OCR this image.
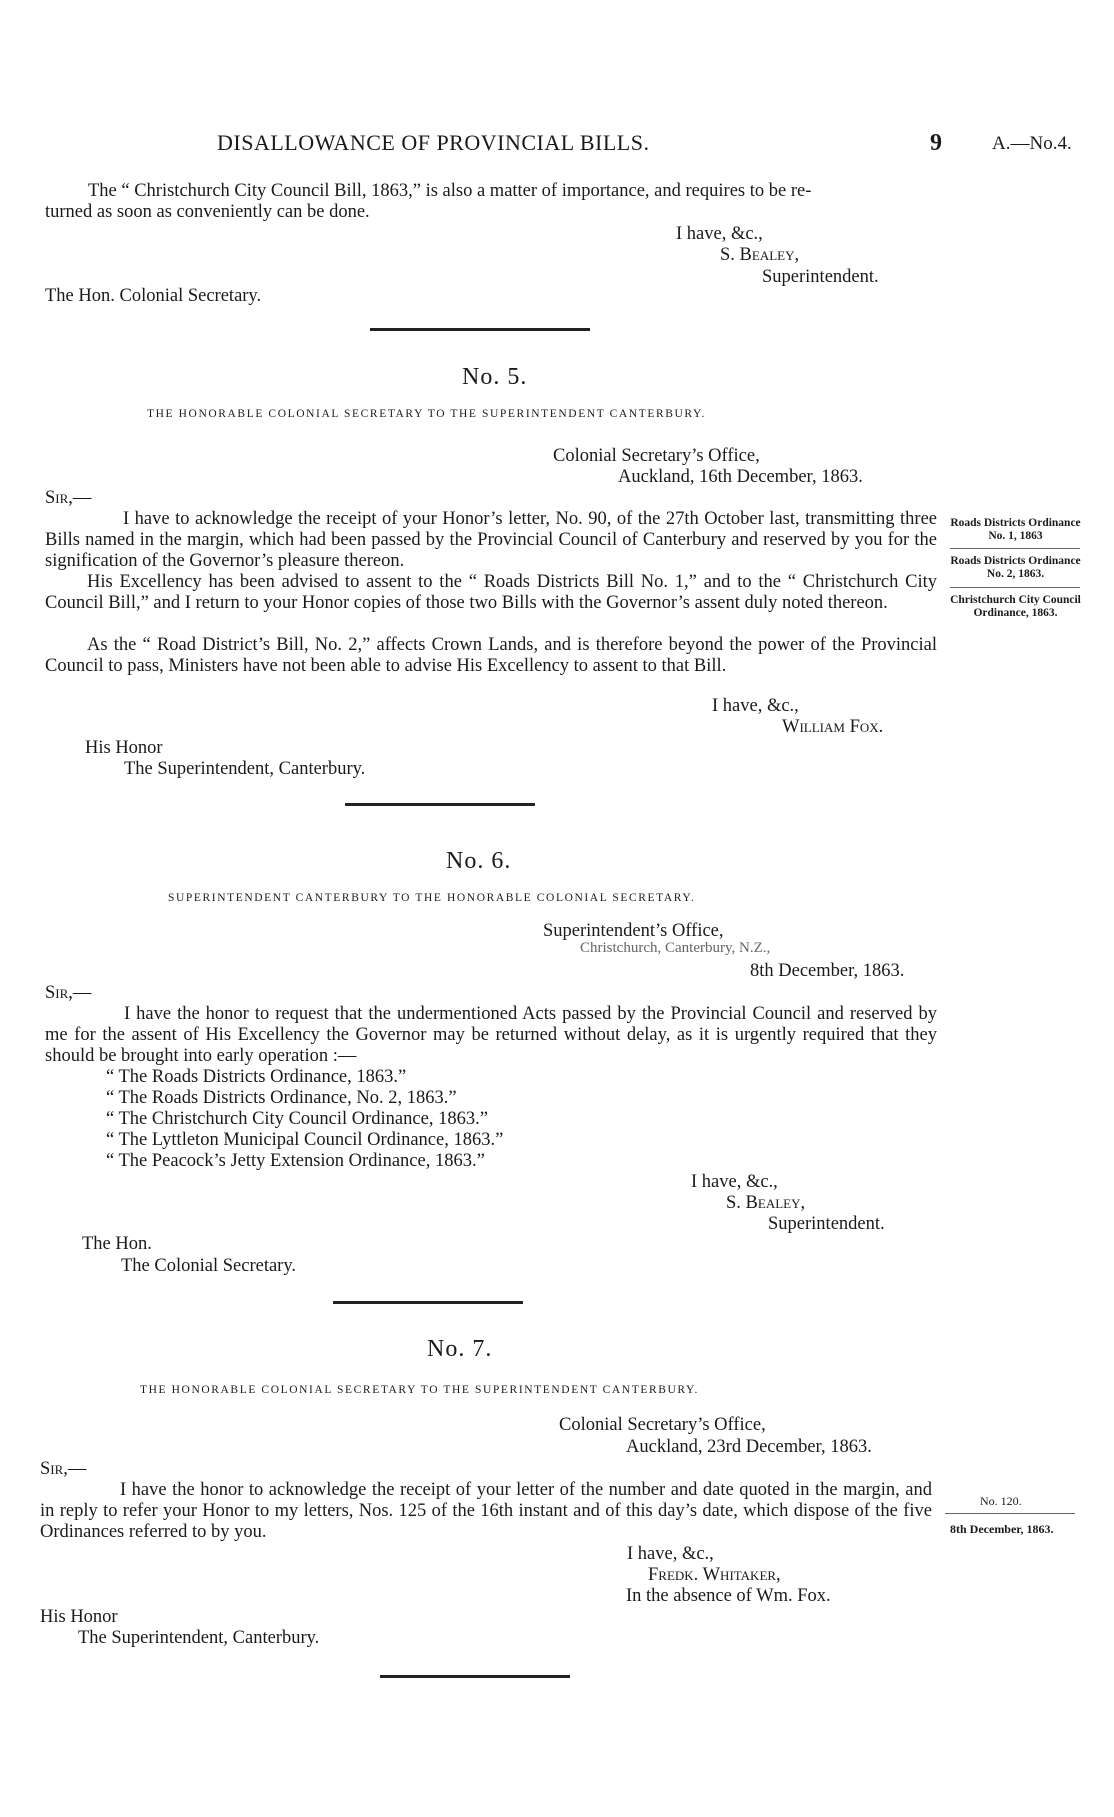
DISALLOWANCE OF PROVINCIAL BILLS.	9	A.—No.4.
The “ Christchurch City Council Bill, 1863,” is also a matter of importance, and requires to be re-
turned as soon as conveniently can be done.
I have, &c.,
S. Bealey,
Superintendent.
The Hon. Colonial Secretary.
No. 5.
THE HONORABLE COLONIAL SECRETARY TO THE SUPERINTENDENT CANTERBURY.
Colonial Secretary’s Office,
Auckland, 16th December, 1863.
Sir,—
I have to acknowledge the receipt of your Honor’s letter, No. 90, of the 27th October last, transmitting three Bills named in the margin, which had been passed by the Provincial Council of Canterbury and reserved by you for the signification of the Governor’s pleasure thereon.
His Excellency has been advised to assent to the “ Roads Districts Bill No. 1,” and to the “ Christchurch City Council Bill,” and I return to your Honor copies of those two Bills with the Governor’s assent duly noted thereon.
As the “ Road District’s Bill, No. 2,” affects Crown Lands, and is therefore beyond the power of the Provincial Council to pass, Ministers have not been able to advise His Excellency to assent to that Bill.
I have, &c.,
William Fox.
His Honor
The Superintendent, Canterbury.
Roads Districts Ordinance No. 1, 1863
Roads Districts Ordinance No. 2, 1863.
Christchurch City Council Ordinance, 1863.
No. 6.
SUPERINTENDENT CANTERBURY TO THE HONORABLE COLONIAL SECRETARY.
Superintendent’s Office,
Christchurch, Canterbury, N.Z.,
8th December, 1863.
Sir,—
I have the honor to request that the undermentioned Acts passed by the Provincial Council and reserved by me for the assent of His Excellency the Governor may be returned without delay, as it is urgently required that they should be brought into early operation :—
“ The Roads Districts Ordinance, 1863.”
“ The Roads Districts Ordinance, No. 2, 1863.”
“ The Christchurch City Council Ordinance, 1863.”
“ The Lyttleton Municipal Council Ordinance, 1863.”
“ The Peacock’s Jetty Extension Ordinance, 1863.”
I have, &c.,
S. Bealey,
Superintendent.
The Hon.
The Colonial Secretary.
No. 7.
THE HONORABLE COLONIAL SECRETARY TO THE SUPERINTENDENT CANTERBURY.
Colonial Secretary’s Office,
Auckland, 23rd December, 1863.
Sir,—
I have the honor to acknowledge the receipt of your letter of the number and date quoted in the margin, and in reply to refer your Honor to my letters, Nos. 125 of the 16th instant and of this day’s date, which dispose of the five Ordinances referred to by you.
I have, &c.,
Fredk. Whitaker,
In the absence of Wm. Fox.
His Honor
The Superintendent, Canterbury.
No. 120.
8th December, 1863.
